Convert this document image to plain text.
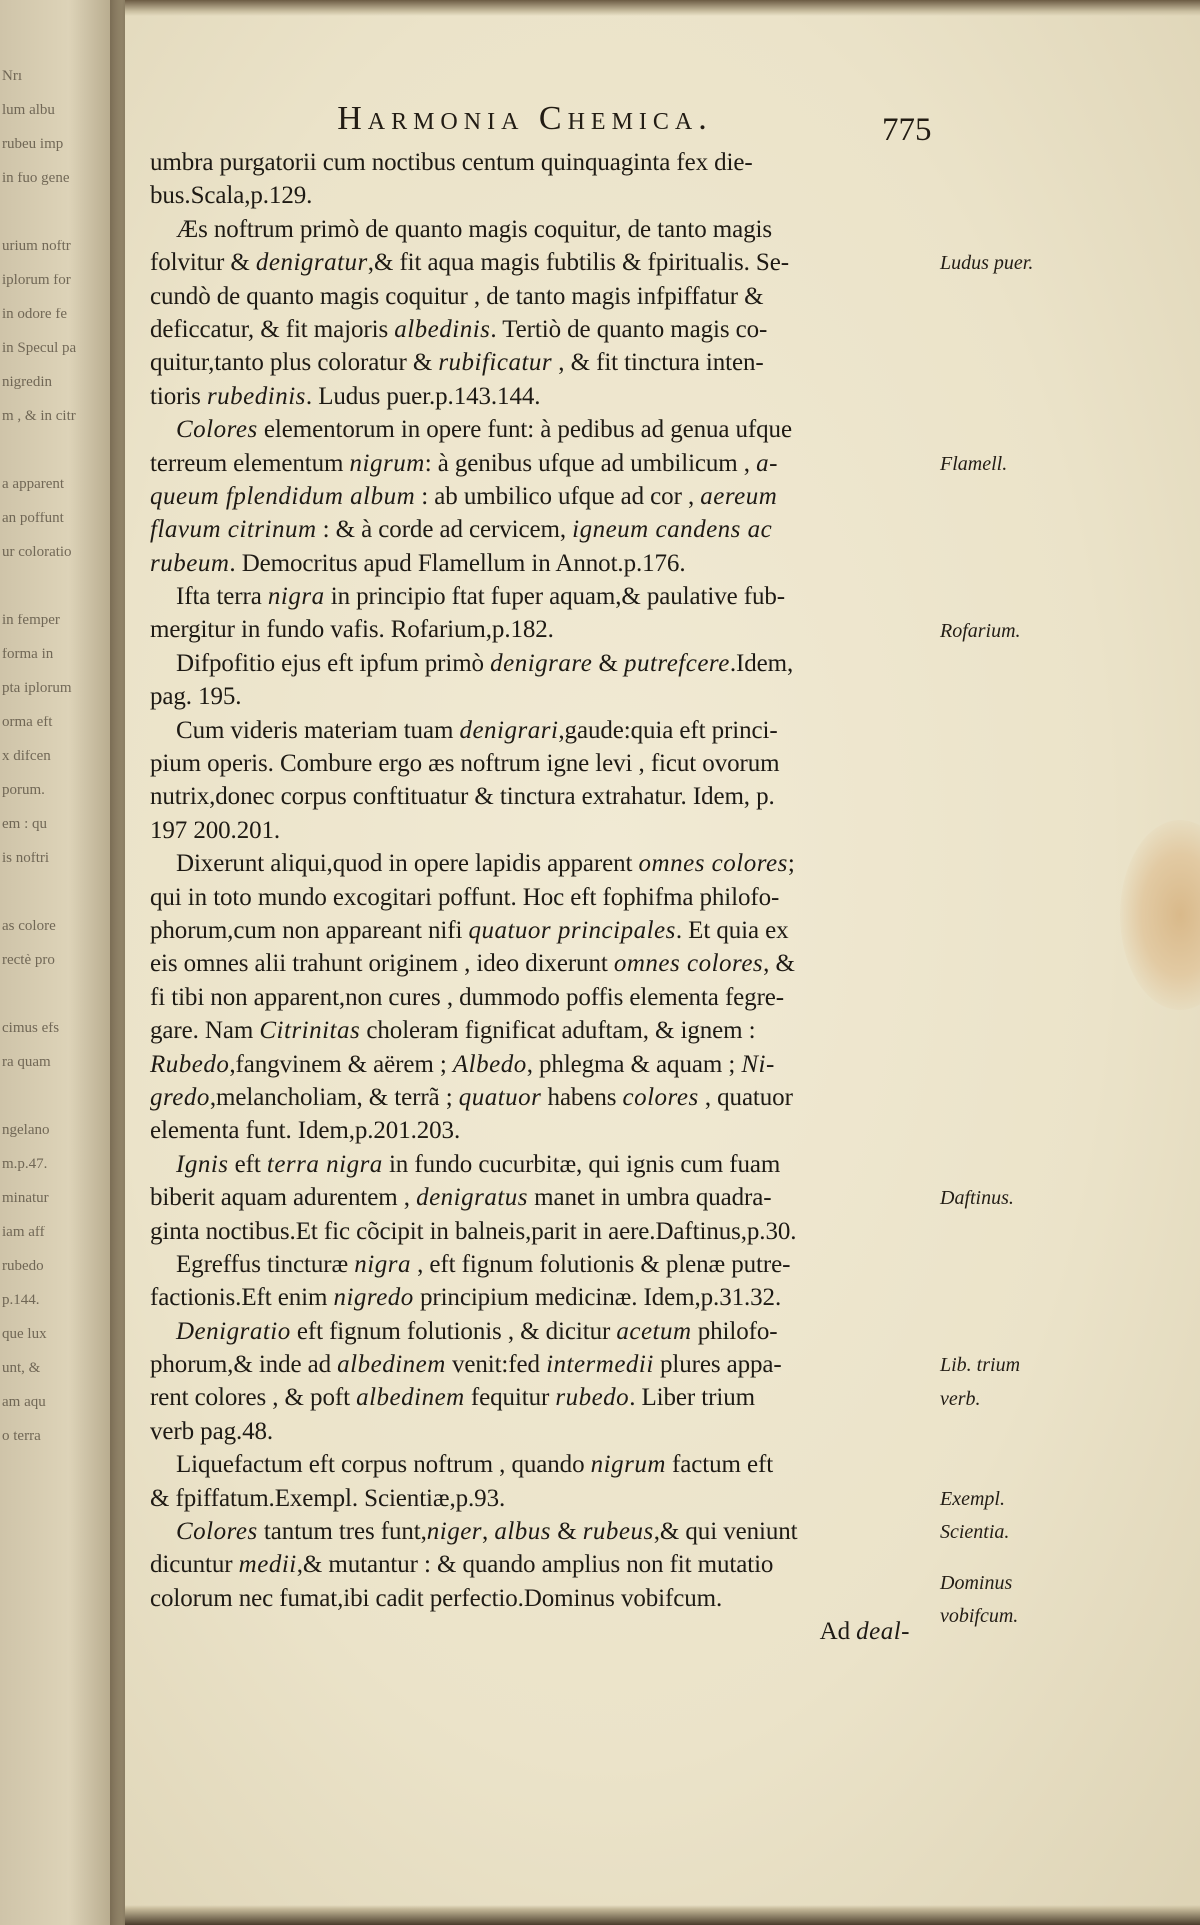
Nrı
lum albu
rubeu imp
in fuo gene
urium noftr
iplorum for
in odore fe
in Specul pa
nigredin
m , & in citr
a apparent
an poffunt
ur coloratio
in femper
forma in
pta iplorum
orma eft
x difcen
porum.
em : qu
is noftri
as colore
rectè pro
cimus efs
ra quam
ngelano
m.p.47.
minatur
iam aff
rubedo
p.144.
que lux
unt, &
am aqu
o terra
Harmonia Chemica.	775
umbra purgatorii cum noctibus centum quinquaginta fex die-
bus.Scala,p.129.
Æs noftrum primò de quanto magis coquitur, de tanto magis
folvitur & denigratur,& fit aqua magis fubtilis & fpiritualis. Se-
cundò de quanto magis coquitur , de tanto magis infpiffatur &
deficcatur, & fit majoris albedinis. Tertiò de quanto magis co-
quitur,tanto plus coloratur & rubificatur , & fit tinctura inten-
tioris rubedinis. Ludus puer.p.143.144.
Colores elementorum in opere funt: à pedibus ad genua ufque
terreum elementum nigrum: à genibus ufque ad umbilicum , a-
queum fplendidum album : ab umbilico ufque ad cor , aereum
flavum citrinum : & à corde ad cervicem, igneum candens ac
rubeum. Democritus apud Flamellum in Annot.p.176.
Ifta terra nigra in principio ftat fuper aquam,& paulative fub-
mergitur in fundo vafis. Rofarium,p.182.
Difpofitio ejus eft ipfum primò denigrare & putrefcere.Idem,
pag. 195.
Cum videris materiam tuam denigrari,gaude:quia eft princi-
pium operis. Combure ergo æs noftrum igne levi , ficut ovorum
nutrix,donec corpus conftituatur & tinctura extrahatur. Idem, p.
197 200.201.
Dixerunt aliqui,quod in opere lapidis apparent omnes colores;
qui in toto mundo excogitari poffunt. Hoc eft fophifma philofo-
phorum,cum non appareant nifi quatuor principales. Et quia ex
eis omnes alii trahunt originem , ideo dixerunt omnes colores, &
fi tibi non apparent,non cures , dummodo poffis elementa fegre-
gare. Nam Citrinitas choleram fignificat aduftam, & ignem :
Rubedo,fangvinem & aërem ; Albedo, phlegma & aquam ; Ni-
gredo,melancholiam, & terrã ; quatuor habens colores , quatuor
elementa funt. Idem,p.201.203.
Ignis eft terra nigra in fundo cucurbitæ, qui ignis cum fuam
biberit aquam adurentem , denigratus manet in umbra quadra-
ginta noctibus.Et fic cõcipit in balneis,parit in aere.Daftinus,p.30.
Egreffus tincturæ nigra , eft fignum folutionis & plenæ putre-
factionis.Eft enim nigredo principium medicinæ. Idem,p.31.32.
Denigratio eft fignum folutionis , & dicitur acetum philofo-
phorum,& inde ad albedinem venit:fed intermedii plures appa-
rent colores , & poft albedinem fequitur rubedo. Liber trium
verb pag.48.
Liquefactum eft corpus noftrum , quando nigrum factum eft
& fpiffatum.Exempl. Scientiæ,p.93.
Colores tantum tres funt,niger, albus & rubeus,& qui veniunt
dicuntur medii,& mutantur : & quando amplius non fit mutatio
colorum nec fumat,ibi cadit perfectio.Dominus vobifcum.
Ad deal-
Ludus puer.
Flamell.
Rofarium.
Daftinus.
Lib. trium
verb.
Exempl.
Scientia.
Dominus
vobifcum.
